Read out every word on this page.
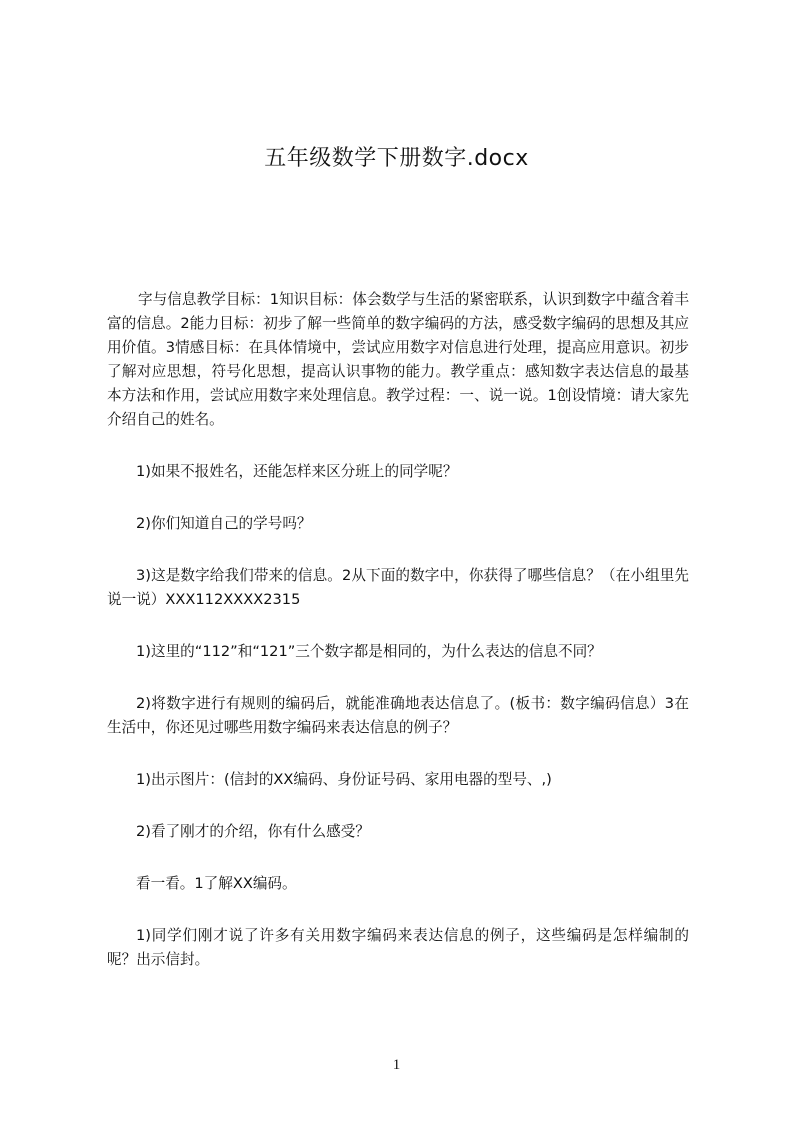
五年级数学下册数字.docx

字与信息教学目标：1知识目标：体会数学与生活的紧密联系，认识到数字中蕴含着丰富的信息。2能力目标：初步了解一些简单的数字编码的方法，感受数字编码的思想及其应用价值。3情感目标：在具体情境中，尝试应用数字对信息进行处理，提高应用意识。初步了解对应思想，符号化思想，提高认识事物的能力。教学重点：感知数字表达信息的最基本方法和作用，尝试应用数字来处理信息。教学过程：一、说一说。1创设情境：请大家先介绍自己的姓名。

1)如果不报姓名，还能怎样来区分班上的同学呢？

2)你们知道自己的学号吗？

3)这是数字给我们带来的信息。2从下面的数字中，你获得了哪些信息？（在小组里先说一说）XXX112XXXX2315

1)这里的“112”和“121”三个数字都是相同的，为什么表达的信息不同？

2)将数字进行有规则的编码后，就能准确地表达信息了。(板书：数字编码信息）3在生活中，你还见过哪些用数字编码来表达信息的例子？

1)出示图片：(信封的XX编码、身份证号码、家用电器的型号、,)

2)看了刚才的介绍，你有什么感受？

看一看。1了解XX编码。

1)同学们刚才说了许多有关用数字编码来表达信息的例子，这些编码是怎样编制的呢？出示信封。

1
